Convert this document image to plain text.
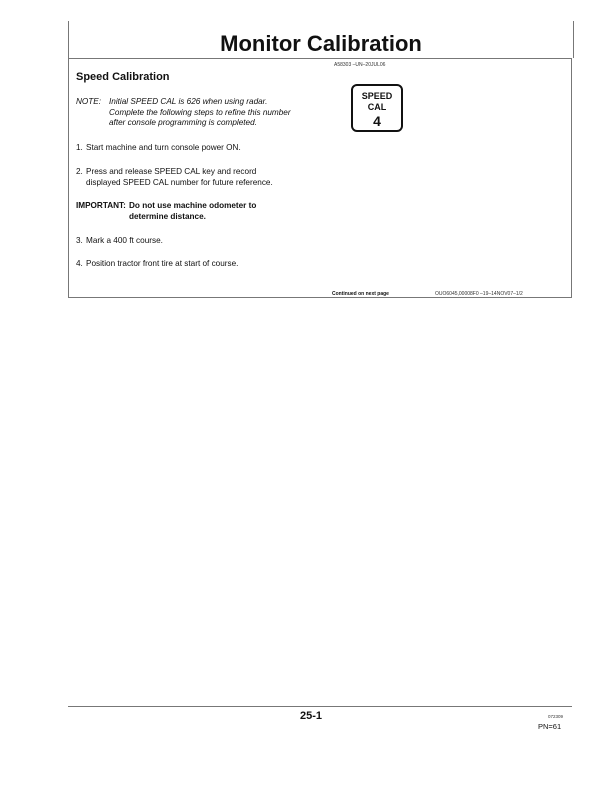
Monitor Calibration
A58303 –UN–20JUL06
Speed Calibration
NOTE: Initial SPEED CAL is 626 when using radar.
Complete the following steps to refine this number
after console programming is completed.
1. Start machine and turn console power ON.
2. Press and release SPEED CAL key and record
displayed SPEED CAL number for future reference.
IMPORTANT: Do not use machine odometer to
determine distance.
3. Mark a 400 ft course.
4. Position tractor front tire at start of course.
SPEED
CAL
4
Continued on next page	OUO6045,00008F0 –19–14NOV07–1/2
25-1	072309
PN=61
